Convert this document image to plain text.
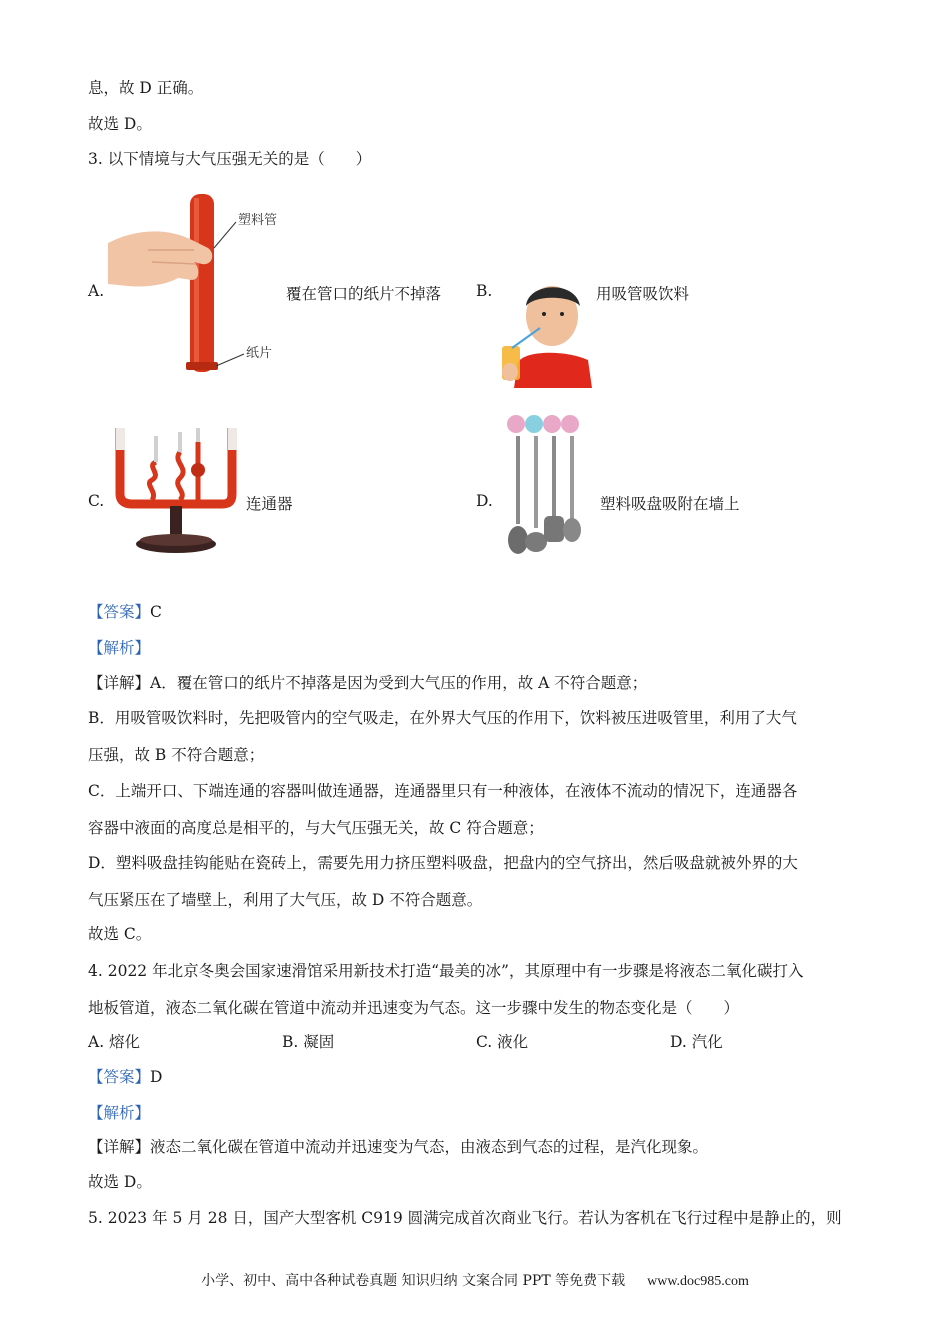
息，故 D 正确。
故选 D。
3. 以下情境与大气压强无关的是（　　）
A.
塑料管
纸片
覆在管口的纸片不掉落 B.	用吸管吸饮料
C.	连通器	D.	塑料吸盘吸附在墙上
【答案】C
【解析】
【详解】A．覆在管口的纸片不掉落是因为受到大气压的作用，故 A 不符合题意；
B．用吸管吸饮料时，先把吸管内的空气吸走，在外界大气压的作用下，饮料被压进吸管里，利用了大气
压强，故 B 不符合题意；
C．上端开口、下端连通的容器叫做连通器，连通器里只有一种液体，在液体不流动的情况下，连通器各
容器中液面的高度总是相平的，与大气压强无关，故 C 符合题意；
D．塑料吸盘挂钩能贴在瓷砖上，需要先用力挤压塑料吸盘，把盘内的空气挤出，然后吸盘就被外界的大
气压紧压在了墙壁上，利用了大气压，故 D 不符合题意。
故选 C。
4. 2022 年北京冬奥会国家速滑馆采用新技术打造“最美的冰”，其原理中有一步骤是将液态二氧化碳打入
地板管道，液态二氧化碳在管道中流动并迅速变为气态。这一步骤中发生的物态变化是（　　）
A. 熔化	B. 凝固	C. 液化	D. 汽化
【答案】D
【解析】
【详解】液态二氧化碳在管道中流动并迅速变为气态，由液态到气态的过程，是汽化现象。
故选 D。
5. 2023 年 5 月 28 日，国产大型客机 C919 圆满完成首次商业飞行。若认为客机在飞行过程中是静止的，则
小学、初中、高中各种试卷真题 知识归纳 文案合同 PPT 等免费下载 www.doc985.com
